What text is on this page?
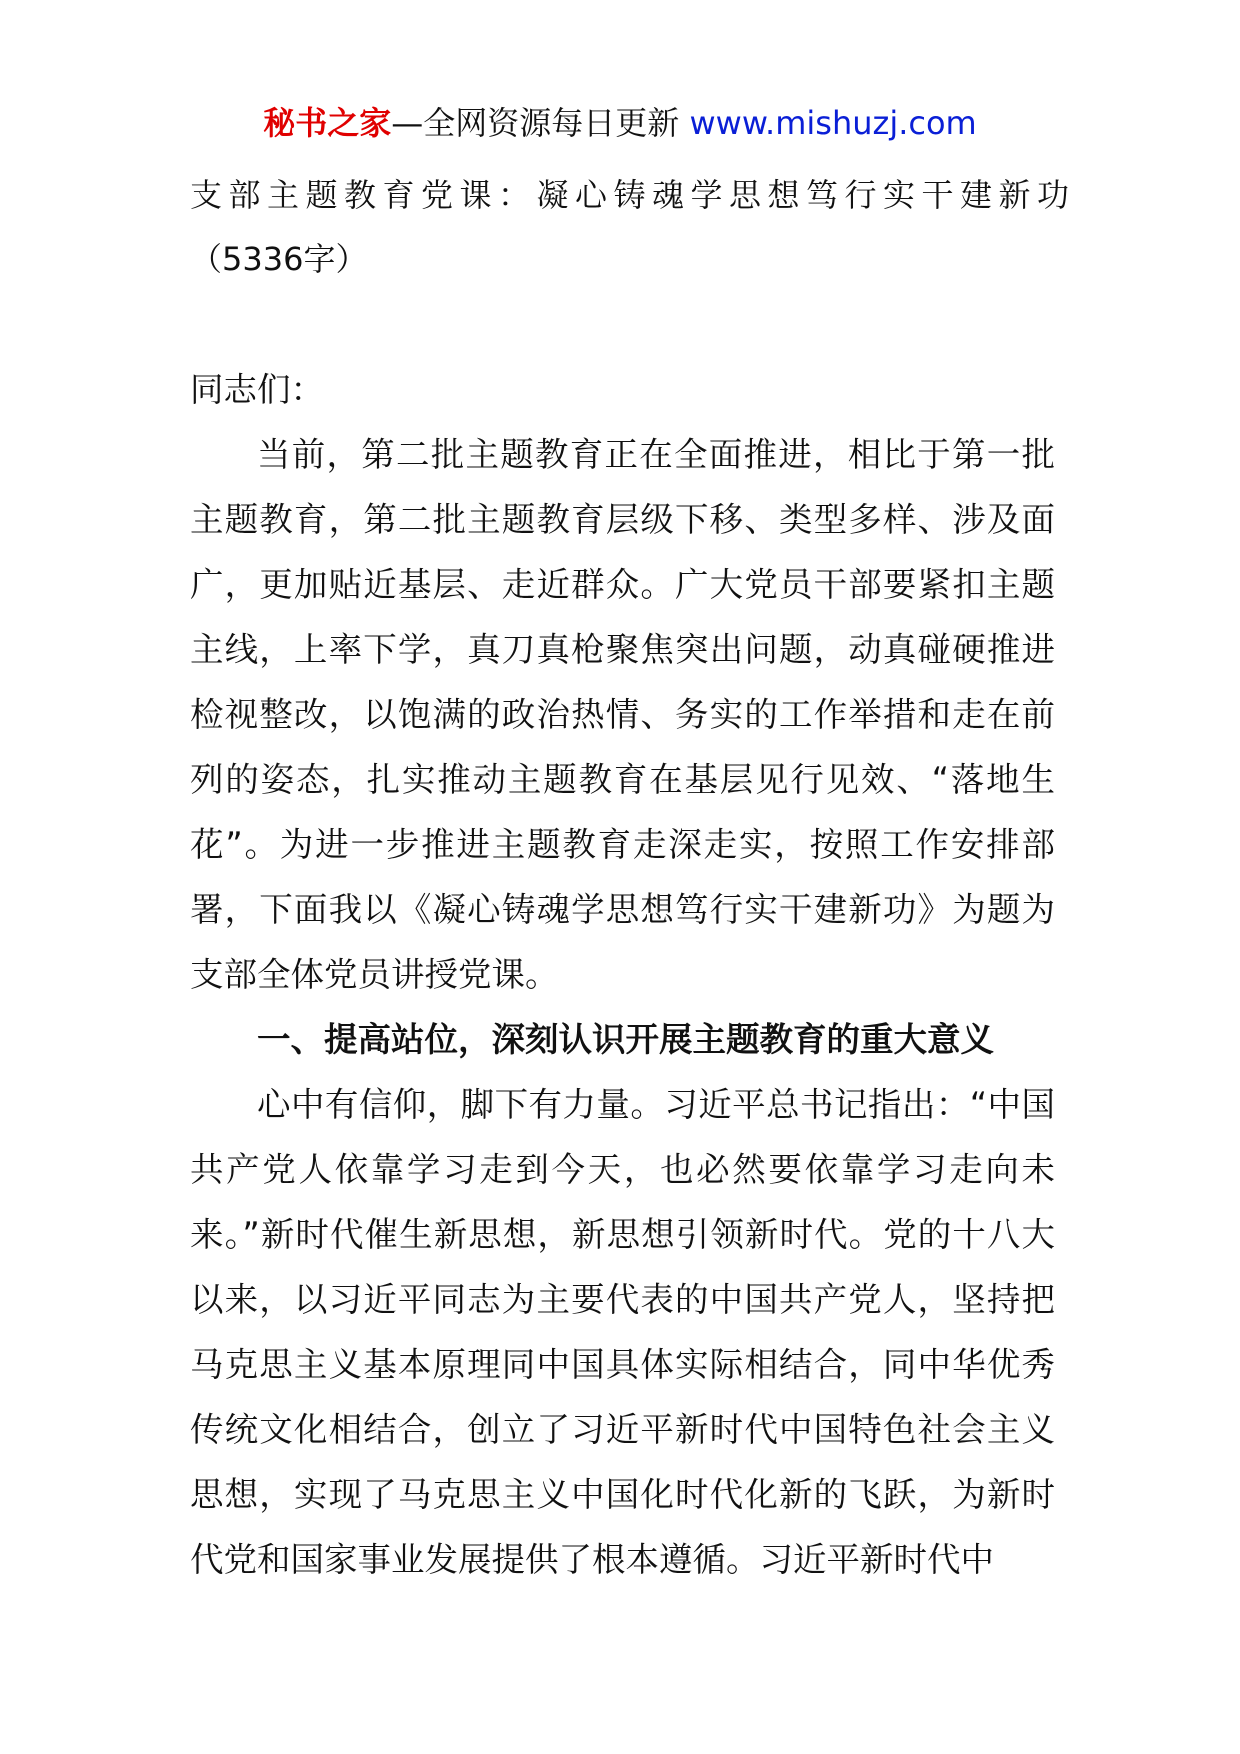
秘书之家—全网资源每日更新 www.mishuzj.com
支部主题教育党课：凝心铸魂学思想笃行实干建新功
（5336字）

同志们：

当前，第二批主题教育正在全面推进，相比于第一批主题教育，第二批主题教育层级下移、类型多样、涉及面广，更加贴近基层、走近群众。广大党员干部要紧扣主题主线，上率下学，真刀真枪聚焦突出问题，动真碰硬推进检视整改，以饱满的政治热情、务实的工作举措和走在前列的姿态，扎实推动主题教育在基层见行见效、“落地生花”。为进一步推进主题教育走深走实，按照工作安排部署，下面我以《凝心铸魂学思想笃行实干建新功》为题为支部全体党员讲授党课。

一、提高站位，深刻认识开展主题教育的重大意义

心中有信仰，脚下有力量。习近平总书记指出：“中国共产党人依靠学习走到今天，也必然要依靠学习走向未来。”新时代催生新思想，新思想引领新时代。党的十八大以来，以习近平同志为主要代表的中国共产党人，坚持把马克思主义基本原理同中国具体实际相结合，同中华优秀传统文化相结合，创立了习近平新时代中国特色社会主义思想，实现了马克思主义中国化时代化新的飞跃，为新时代党和国家事业发展提供了根本遵循。习近平新时代中
